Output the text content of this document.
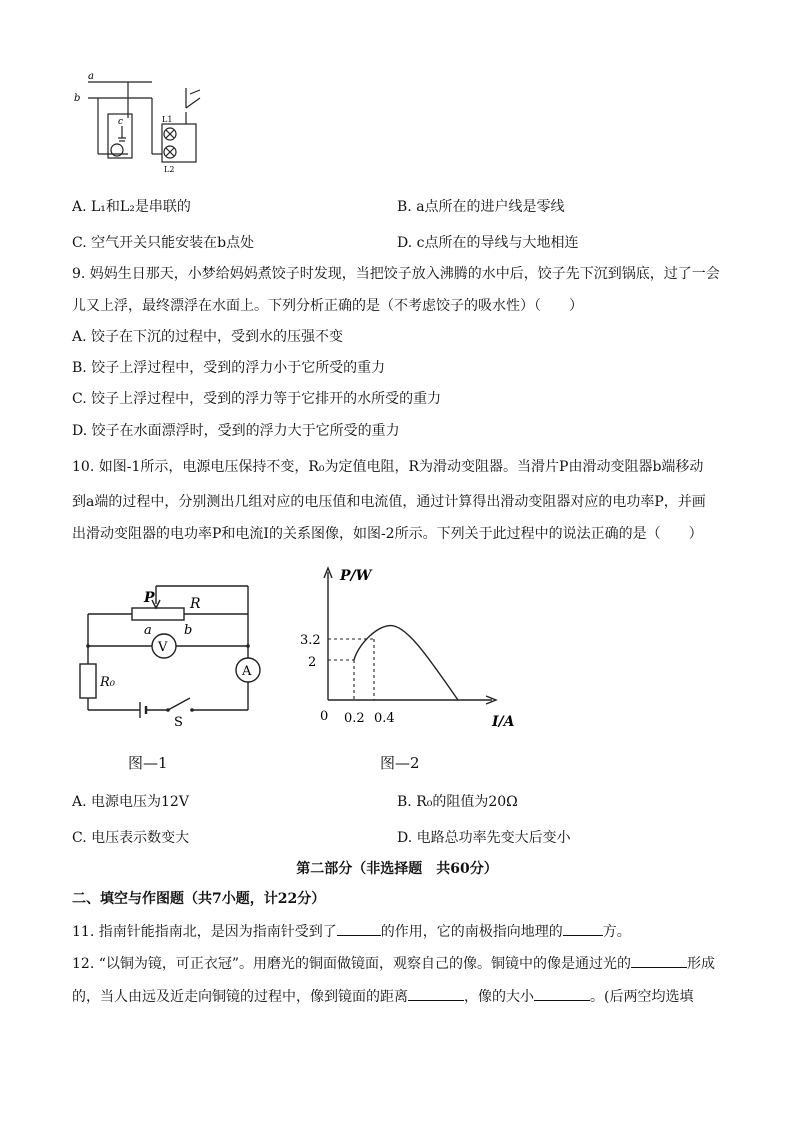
a
b
c	L1
L2
A. L₁和L₂是串联的	B. a点所在的进户线是零线
C. 空气开关只能安装在b点处	D. c点所在的导线与大地相连
9. 妈妈生日那天，小梦给妈妈煮饺子时发现，当把饺子放入沸腾的水中后，饺子先下沉到锅底，过了一会
儿又上浮，最终漂浮在水面上。下列分析正确的是（不考虑饺子的吸水性）（　　）
A. 饺子在下沉的过程中，受到水的压强不变
B. 饺子上浮过程中，受到的浮力小于它所受的重力
C. 饺子上浮过程中，受到的浮力等于它排开的水所受的重力
D. 饺子在水面漂浮时，受到的浮力大于它所受的重力
10. 如图-1所示，电源电压保持不变，R₀为定值电阻，R为滑动变阻器。当滑片P由滑动变阻器b端移动
到a端的过程中，分别测出几组对应的电压值和电流值，通过计算得出滑动变阻器对应的电功率P，并画
出滑动变阻器的电功率P和电流I的关系图像，如图-2所示。下列关于此过程中的说法正确的是（　　）
P	R
a b
V
A
R₀
S
图—1
P/W
3.2
2
0 0.2 0.4	I/A
图—2
A. 电源电压为12V	B. R₀的阻值为20Ω
C. 电压表示数变大	D. 电路总功率先变大后变小
第二部分（非选择题　共60分）
二、填空与作图题（共7小题，计22分）
11. 指南针能指南北，是因为指南针受到了	的作用，它的南极指向地理的	方。
12. “以铜为镜，可正衣冠”。用磨光的铜面做镜面，观察自己的像。铜镜中的像是通过光的	形成
的，当人由远及近走向铜镜的过程中，像到镜面的距离	，像的大小	。(后两空均选填
